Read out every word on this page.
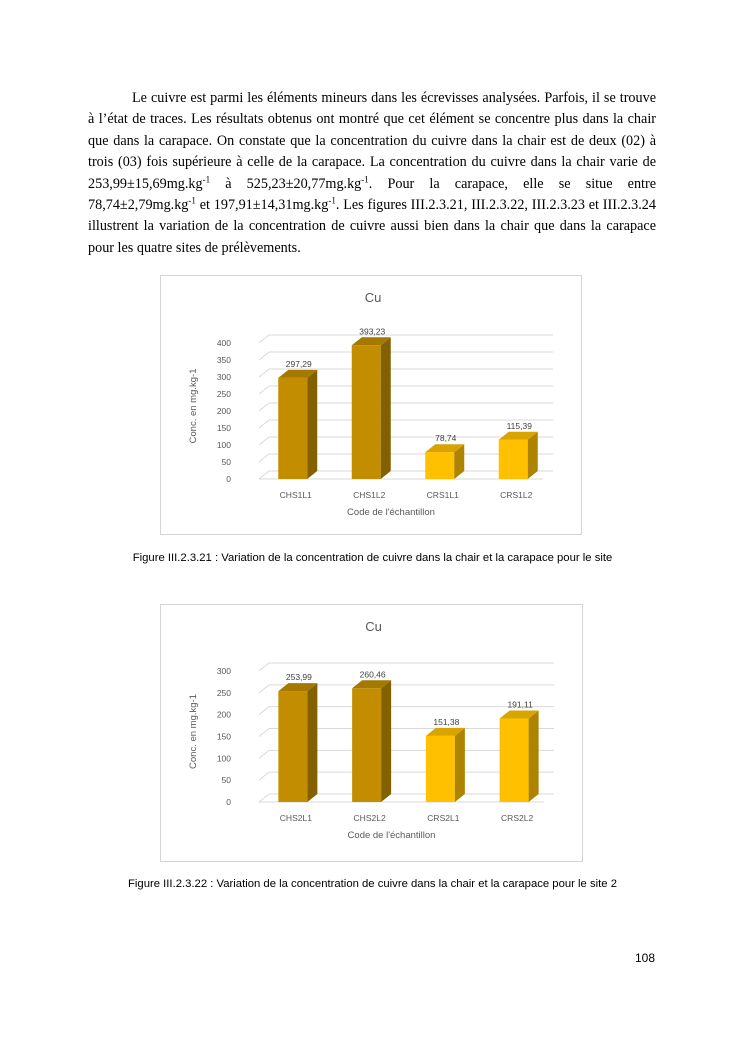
Le cuivre est parmi les éléments mineurs dans les écrevisses analysées. Parfois, il se trouve à l’état de traces. Les résultats obtenus ont montré que cet élément se concentre plus dans la chair que dans la carapace. On constate que la concentration du cuivre dans la chair est de deux (02) à trois (03) fois supérieure à celle de la carapace. La concentration du cuivre dans la chair varie de $253,99\pm 15,69mg.kg^{-1}$ à $525,23\pm 20,77mg.kg^{-1}$. Pour la carapace, elle se situe entre $78,74\pm 2,79mg.kg^{-1}$ et $197,91\pm 14,31mg.kg^{-1}$. Les figures III.2.3.21, III.2.3.22, III.2.3.23 et III.2.3.24 illustrent la variation de la concentration de cuivre aussi bien dans la chair que dans la carapace pour les quatre sites de prélèvements.

Cu
0
50
100
150
200
250
300
350
400
297,29
CHS1L1
393,23
CHS1L2
78,74
CRS1L1
115,39
CRS1L2
Code de l'échantillon
Conc. en mg.kg-1
Figure III.2.3.21 : Variation de la concentration de cuivre dans la chair et la carapace pour le site
Cu
0
50
100
150
200
250
300
253,99
CHS2L1
260,46
CHS2L2
151,38
CRS2L1
191,11
CRS2L2
Code de l'échantillon
Conc. en mg.kg-1
Figure III.2.3.22 : Variation de la concentration de cuivre dans la chair et la carapace pour le site 2
108
